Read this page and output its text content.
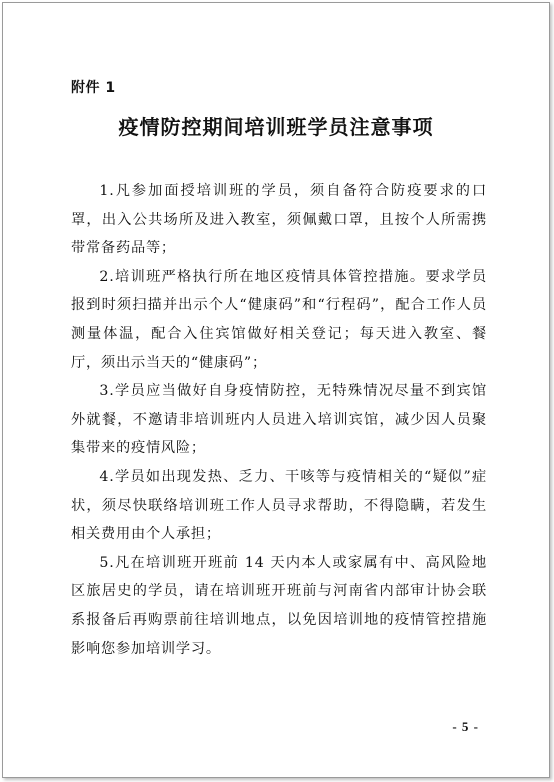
附件 1
疫情防控期间培训班学员注意事项

1.凡参加面授培训班的学员，须自备符合防疫要求的口罩，出入公共场所及进入教室，须佩戴口罩，且按个人所需携带常备药品等；

2.培训班严格执行所在地区疫情具体管控措施。要求学员报到时须扫描并出示个人“健康码”和“行程码”，配合工作人员测量体温，配合入住宾馆做好相关登记；每天进入教室、餐厅，须出示当天的“健康码”；

3.学员应当做好自身疫情防控，无特殊情况尽量不到宾馆外就餐，不邀请非培训班内人员进入培训宾馆，减少因人员聚集带来的疫情风险；

4.学员如出现发热、乏力、干咳等与疫情相关的“疑似”症状，须尽快联络培训班工作人员寻求帮助，不得隐瞒，若发生相关费用由个人承担；

5.凡在培训班开班前 14 天内本人或家属有中、高风险地区旅居史的学员，请在培训班开班前与河南省内部审计协会联系报备后再购票前往培训地点，以免因培训地的疫情管控措施影响您参加培训学习。

- 5 -
